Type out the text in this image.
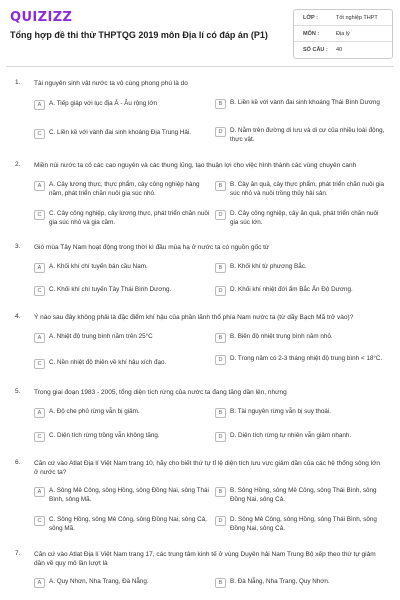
QUIZIZZ
Tổng hợp đề thi thử THPTQG 2019 môn Địa lí có đáp án (P1)
LỚP :	Tốt nghiệp THPT
MÔN :	Địa lý
SỐ CÂU :	40
1. Tài nguyên sinh vật nước ta vô cùng phong phú là do
A	A. Tiếp giáp với lục địa Á - Âu rộng lớn	B	B. Liền kề với vành đai sinh khoáng Thái Bình Dương
C	C. Liền kề với vành đai sinh khoáng Địa Trung Hải.	D	D. Nằm trên đường di lưu và di cư của nhiều loài động, thực vật.
2. Miền núi nước ta có các cao nguyên và các thung lũng, tạo thuận lợi cho việc hình thành các vùng chuyên canh
A	A. Cây lương thực, thực phẩm, cây công nghiệp hàng năm, phát triển chăn nuôi gia súc nhỏ.
B	B. Cây ăn quả, cây thực phẩm, phát triển chăn nuôi gia súc nhỏ và nuôi trồng thủy hải sản.
C	C. Cây công nghiệp, cây lương thực, phát triển chăn nuôi gia súc nhỏ và gia cầm.
D	D. Cây công nghiệp, cây ăn quả, phát triển chăn nuôi gia súc lớn.
3. Gió mùa Tây Nam hoạt động trong thời kì đầu mùa hạ ở nước ta có nguồn gốc từ
A	A. Khối khí chí tuyến bán cầu Nam.	B	B. Khối khí từ phương Bắc.
C	C. Khối khí chí tuyến Tây Thái Bình Dương.	D	D. Khối khí nhiệt đới ẩm Bắc Ấn Độ Dương.
4. Ý nào sau đây không phải là đặc điểm khí hậu của phần lãnh thổ phía Nam nước ta (từ dãy Bạch Mã trở vào)?
A	A. Nhiệt độ trung bình năm trên 25°C	B	B. Biên độ nhiệt trung bình năm nhỏ.
C	C. Nền nhiệt độ thiên về khí hậu xích đạo.	D	D. Trong năm có 2-3 tháng nhiệt độ trung bình < 18°C.
5. Trong giai đoạn 1983 - 2005, tổng diện tích rừng của nước ta đang tăng dần lên, nhưng
A	A. Độ che phủ rừng vẫn bị giảm.	B	B. Tài nguyên rừng vẫn bị suy thoái.
C	C. Diện tích rừng trồng vẫn không tăng.	D	D. Diện tích rừng tự nhiên vẫn giảm nhanh.
6. Căn cứ vào Atlat Địa lí Việt Nam trang 10, hãy cho biết thứ tự tỉ lệ diện tích lưu vực giảm dần của các hệ thống sông lớn ở nước ta?
A	A. Sông Mê Công, sông Hồng, sông Đồng Nai, sông Thái Bình, sông Mã.
B	B. Sông Hồng, sông Mê Công, sông Thái Bình, sông Đồng Nai, sông Cả.
C	C. Sông Hồng, sông Mê Công, sông Đồng Nai, sông Cả, sông Mã.
D	D. Sông Mê Công, sông Hồng, sông Thái Bình, sông Đồng Nai, sông Cả.
7. Căn cứ vào Atlat Địa lí Việt Nam trang 17, các trung tâm kinh tế ở vùng Duyên hải Nam Trung Bộ xếp theo thứ tự giảm dần về quy mô lần lượt là
A	A. Quy Nhơn, Nha Trang, Đà Nẵng.	B	B. Đà Nẵng, Nha Trang, Quy Nhơn.
